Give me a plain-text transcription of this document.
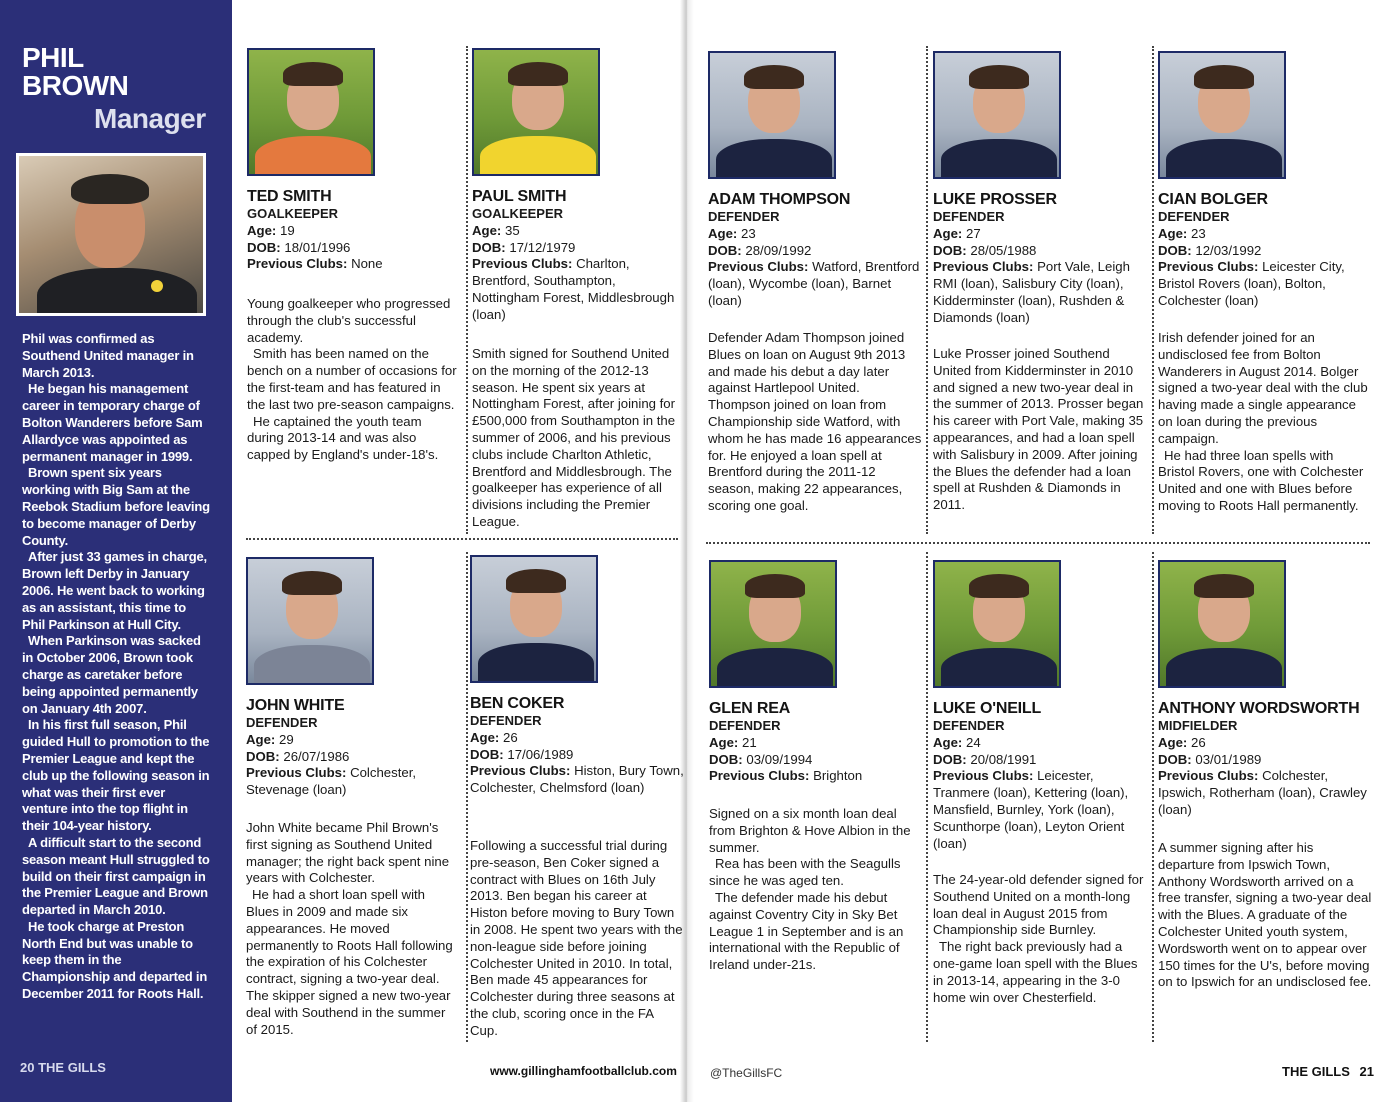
PHIL
BROWN
Manager

Phil was confirmed as Southend United manager in March 2013.

He began his management career in temporary charge of Bolton Wanderers before Sam Allardyce was appointed as permanent manager in 1999.

Brown spent six years working with Big Sam at the Reebok Stadium before leaving to become manager of Derby County.

After just 33 games in charge, Brown left Derby in January 2006. He went back to working as an assistant, this time to Phil Parkinson at Hull City.

When Parkinson was sacked in October 2006, Brown took charge as caretaker before being appointed permanently on January 4th 2007.

In his first full season, Phil guided Hull to promotion to the Premier League and kept the club up the following season in what was their first ever venture into the top flight in their 104-year history.

A difficult start to the second season meant Hull struggled to build on their first campaign in the Premier League and Brown departed in March 2010.

He took charge at Preston North End but was unable to keep them in the Championship and departed in December 2011 for Roots Hall.

20 THE GILLS
TED SMITH
GOALKEEPER
Age: 19
DOB: 18/01/1996
Previous Clubs: None

Young goalkeeper who progressed through the club's successful academy.

Smith has been named on the bench on a number of occasions for the first-team and has featured in the last two pre-season campaigns.

He captained the youth team during 2013-14 and was also capped by England's under-18's.

PAUL SMITH
GOALKEEPER
Age: 35
DOB: 17/12/1979
Previous Clubs: Charlton, Brentford, Southampton, Nottingham Forest, Middlesbrough (loan)

Smith signed for Southend United on the morning of the 2012-13 season. He spent six years at Nottingham Forest, after joining for £500,000 from Southampton in the summer of 2006, and his previous clubs include Charlton Athletic, Brentford and Middlesbrough. The goalkeeper has experience of all divisions including the Premier League.

ADAM THOMPSON
DEFENDER
Age: 23
DOB: 28/09/1992
Previous Clubs: Watford, Brentford (loan), Wycombe (loan), Barnet (loan)

Defender Adam Thompson joined Blues on loan on August 9th 2013 and made his debut a day later against Hartlepool United. Thompson joined on loan from Championship side Watford, with whom he has made 16 appearances for. He enjoyed a loan spell at Brentford during the 2011-12 season, making 22 appearances, scoring one goal.

LUKE PROSSER
DEFENDER
Age: 27
DOB: 28/05/1988
Previous Clubs: Port Vale, Leigh RMI (loan), Salisbury City (loan), Kidderminster (loan), Rushden & Diamonds (loan)

Luke Prosser joined Southend United from Kidderminster in 2010 and signed a new two-year deal in the summer of 2013. Prosser began his career with Port Vale, making 35 appearances, and had a loan spell with Salisbury in 2009. After joining the Blues the defender had a loan spell at Rushden & Diamonds in 2011.

CIAN BOLGER
DEFENDER
Age: 23
DOB: 12/03/1992
Previous Clubs: Leicester City, Bristol Rovers (loan), Bolton, Colchester (loan)

Irish defender joined for an undisclosed fee from Bolton Wanderers in August 2014. Bolger signed a two-year deal with the club having made a single appearance on loan during the previous campaign.

He had three loan spells with Bristol Rovers, one with Colchester United and one with Blues before moving to Roots Hall permanently.

JOHN WHITE
DEFENDER
Age: 29
DOB: 26/07/1986
Previous Clubs: Colchester, Stevenage (loan)

John White became Phil Brown's first signing as Southend United manager; the right back spent nine years with Colchester.

He had a short loan spell with Blues in 2009 and made six appearances. He moved permanently to Roots Hall following the expiration of his Colchester contract, signing a two-year deal. The skipper signed a new two-year deal with Southend in the summer of 2015.

BEN COKER
DEFENDER
Age: 26
DOB: 17/06/1989
Previous Clubs: Histon, Bury Town, Colchester, Chelmsford (loan)

Following a successful trial during pre-season, Ben Coker signed a contract with Blues on 16th July 2013. Ben began his career at Histon before moving to Bury Town in 2008. He spent two years with the non-league side before joining Colchester United in 2010. In total, Ben made 45 appearances for Colchester during three seasons at the club, scoring once in the FA Cup.

GLEN REA
DEFENDER
Age: 21
DOB: 03/09/1994
Previous Clubs: Brighton

Signed on a six month loan deal from Brighton & Hove Albion in the summer.

Rea has been with the Seagulls since he was aged ten.

The defender made his debut against Coventry City in Sky Bet League 1 in September and is an international with the Republic of Ireland under-21s.

LUKE O'NEILL
DEFENDER
Age: 24
DOB: 20/08/1991
Previous Clubs: Leicester, Tranmere (loan), Kettering (loan), Mansfield, Burnley, York (loan), Scunthorpe (loan), Leyton Orient (loan)

The 24-year-old defender signed for Southend United on a month-long loan deal in August 2015 from Championship side Burnley.

The right back previously had a one-game loan spell with the Blues in 2013-14, appearing in the 3-0 home win over Chesterfield.

ANTHONY WORDSWORTH
MIDFIELDER
Age: 26
DOB: 03/01/1989
Previous Clubs: Colchester, Ipswich, Rotherham (loan), Crawley (loan)

A summer signing after his departure from Ipswich Town, Anthony Wordsworth arrived on a free transfer, signing a two-year deal with the Blues. A graduate of the Colchester United youth system, Wordsworth went on to appear over 150 times for the U's, before moving on to Ipswich for an undisclosed fee.

www.gillinghamfootballclub.com	@TheGillsFC	THE GILLS 21
